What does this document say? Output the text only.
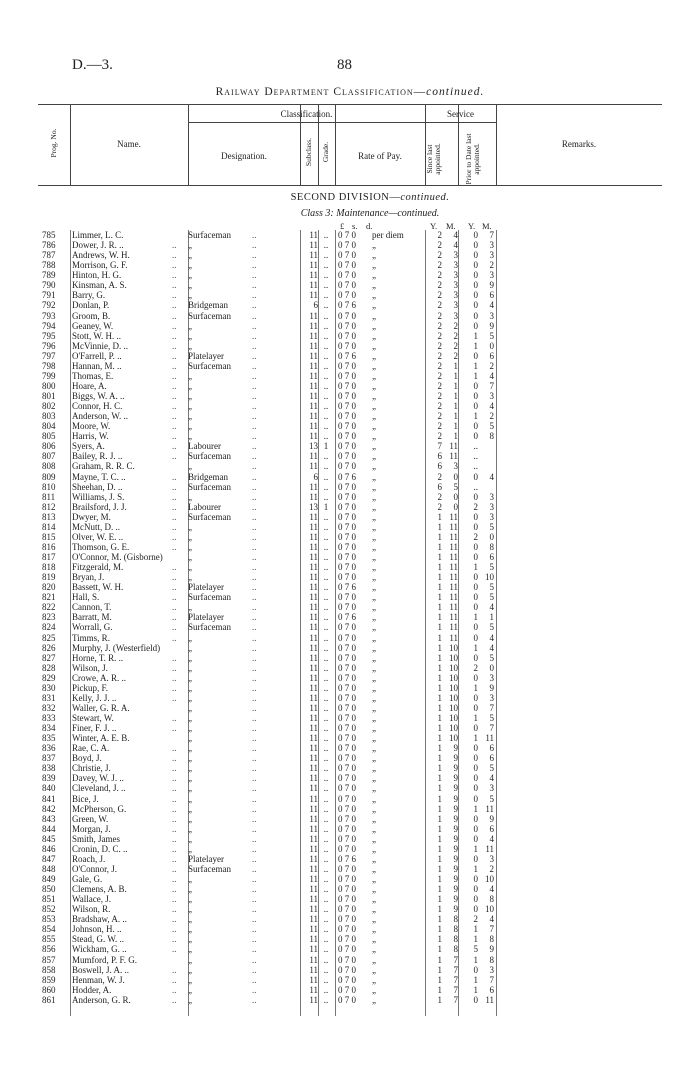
D.—3.	88
Railway Department Classification—continued.
Prog. No.	Name.
Classification.	Service
Designation.	Subclass. Grade.	Rate of Pay.	Since last appointed.	Prior to Date last appointed.	Remarks.
SECOND DIVISION—continued.
Class 3: Maintenance—continued.
£ s. d.	Y. M. Y. M.
785	Limmer, L. C.	Surfaceman	..	11 ..	0 7 0	per diem	2	4	0	7
786	Dower, J. R. ..	.. „	..	11 ..	0 7 0	„	2	4	0	3
787	Andrews, W. H.	.. „	..	11 ..	0 7 0	„	2	3	0	3
788	Morrison, G. F.	.. „	..	11 ..	0 7 0	„	2	3	0	2
789	Hinton, H. G.	.. „	..	11 ..	0 7 0	„	2	3	0	3
790	Kinsman, A. S.	.. „	..	11 ..	0 7 0	„	2	3	0	9
791	Barry, G.	.. „	..	11 ..	0 7 0	„	2	3	0	6
792	Donlan, P.	.. Bridgeman	..	6 ..	0 7 6	„	2	3	0	4
793	Groom, B.	.. Surfaceman	..	11 ..	0 7 0	„	2	3	0	3
794	Geaney, W.	.. „	..	11 ..	0 7 0	„	2	2	0	9
795	Stott, W. H. ..	.. „	..	11 ..	0 7 0	„	2	2	1	5
796	McVinnie, D. ..	.. „	..	11 ..	0 7 0	„	2	2	1	0
797	O'Farrell, P. ..	.. Platelayer	..	11 ..	0 7 6	„	2	2	0	6
798	Hannan, M. ..	.. Surfaceman	..	11 ..	0 7 0	„	2	1	1	2
799	Thomas, E.	.. „	..	11 ..	0 7 0	„	2	1	1	4
800	Hoare, A.	.. „	..	11 ..	0 7 0	„	2	1	0	7
801	Biggs, W. A. ..	.. „	..	11 ..	0 7 0	„	2	1	0	3
802	Connor, H. C.	.. „	..	11 ..	0 7 0	„	2	1	0	4
803	Anderson, W. ..	.. „	..	11 ..	0 7 0	„	2	1	1	2
804	Moore, W.	.. „	..	11 ..	0 7 0	„	2	1	0	5
805	Harris, W.	.. „	..	11 ..	0 7 0	„	2	1	0	8
806	Syers, A.	.. Labourer	..	13 1	0 7 0	„	7 11	..
807	Bailey, R. J. ..	.. Surfaceman	..	11 ..	0 7 0	„	6 11	..
808	Graham, R. R. C.	„	..	11 ..	0 7 0	„	6	3	..
809	Mayne, T. C. ..	.. Bridgeman	..	6 ..	0 7 6	„	2	0	0	4
810	Sheehan, D. ..	.. Surfaceman	..	11 ..	0 7 0	„	6	5	..
811	Williams, J. S.	.. „	..	11 ..	0 7 0	„	2	0	0	3
812	Brailsford, J. J.	.. Labourer	..	13 1	0 7 0	„	2	0	2	3
813	Dwyer, M.	.. Surfaceman	..	11 ..	0 7 0	„	1 11	0	3
814	McNutt, D. ..	.. „	..	11 ..	0 7 0	„	1 11	0	5
815	Olver, W. E. ..	.. „	..	11 ..	0 7 0	„	1 11	2	0
816	Thomson, G. E.	.. „	..	11 ..	0 7 0	„	1 11	0	8
817	O'Connor, M. (Gisborne)	„	..	11 ..	0 7 0	„	1 11	0	6
818	Fitzgerald, M.	.. „	..	11 ..	0 7 0	„	1 11	1	5
819	Bryan, J.	.. „	..	11 ..	0 7 0	„	1 11	0 10
820	Bassett, W. H.	.. Platelayer	..	11 ..	0 7 6	„	1 11	0	5
821	Hall, S.	.. Surfaceman	..	11 ..	0 7 0	„	1 11	0	5
822	Cannon, T.	.. „	..	11 ..	0 7 0	„	1 11	0	4
823	Barratt, M.	.. Platelayer	..	11 ..	0 7 6	„	1 11	1	1
824	Worrall, G.	.. Surfaceman	..	11 ..	0 7 0	„	1 11	0	5
825	Timms, R.	.. „	..	11 ..	0 7 0	„	1 11	0	4
826	Murphy, J. (Westerfield)	„	..	11 ..	0 7 0	„	1 10	1	4
827	Horne, T. R. ..	.. „	..	11 ..	0 7 0	„	1 10	0	5
828	Wilson, J.	.. „	..	11 ..	0 7 0	„	1 10	2	0
829	Crowe, A. R. ..	.. „	..	11 ..	0 7 0	„	1 10	0	3
830	Pickup, F.	.. „	..	11 ..	0 7 0	„	1 10	1	9
831	Kelly, J. J. ..	.. „	..	11 ..	0 7 0	„	1 10	0	3
832	Waller, G. R. A.	„	..	11 ..	0 7 0	„	1 10	0	7
833	Stewart, W.	.. „	..	11 ..	0 7 0	„	1 10	1	5
834	Finer, F. J. ..	.. „	..	11 ..	0 7 0	„	1 10	0	7
835	Winter, A. E. B.	„	..	11 ..	0 7 0	„	1 10	1 11
836	Rae, C. A.	.. „	..	11 ..	0 7 0	„	1	9	0	6
837	Boyd, J.	.. „	..	11 ..	0 7 0	„	1	9	0	6
838	Christie, J.	.. „	..	11 ..	0 7 0	„	1	9	0	5
839	Davey, W. J. ..	.. „	..	11 ..	0 7 0	„	1	9	0	4
840	Cleveland, J. ..	.. „	..	11 ..	0 7 0	„	1	9	0	3
841	Bice, J.	.. „	..	11 ..	0 7 0	„	1	9	0	5
842	McPherson, G.	.. „	..	11 ..	0 7 0	„	1	9	1 11
843	Green, W.	.. „	..	11 ..	0 7 0	„	1	9	0	9
844	Morgan, J.	.. „	..	11 ..	0 7 0	„	1	9	0	6
845	Smith, James	.. „	..	11 ..	0 7 0	„	1	9	0	4
846	Cronin, D. C. ..	.. „	..	11 ..	0 7 0	„	1	9	1 11
847	Roach, J.	.. Platelayer	..	11 ..	0 7 6	„	1	9	0	3
848	O'Connor, J.	.. Surfaceman	..	11 ..	0 7 0	„	1	9	1	2
849	Gale, G.	.. „	..	11 ..	0 7 0	„	1	9	0 10
850	Clemens, A. B.	.. „	..	11 ..	0 7 0	„	1	9	0	4
851	Wallace, J.	.. „	..	11 ..	0 7 0	„	1	9	0	8
852	Wilson, R.	.. „	..	11 ..	0 7 0	„	1	9	0 10
853	Bradshaw, A. ..	.. „	..	11 ..	0 7 0	„	1	8	2	4
854	Johnson, H. ..	.. „	..	11 ..	0 7 0	„	1	8	1	7
855	Stead, G. W. ..	.. „	..	11 ..	0 7 0	„	1	8	1	8
856	Wickham, G. ..	.. „	..	11 ..	0 7 0	„	1	8	5	9
857	Mumford, P. F. G.	„	..	11 ..	0 7 0	„	1	7	1	8
858	Boswell, J. A. ..	.. „	..	11 ..	0 7 0	„	1	7	0	3
859	Henman, W. J.	.. „	..	11 ..	0 7 0	„	1	7	1	7
860	Hodder, A.	.. „	..	11 ..	0 7 0	„	1	7	1	6
861	Anderson, G. R.	.. „	..	11 ..	0 7 0	„	1	7	0 11
